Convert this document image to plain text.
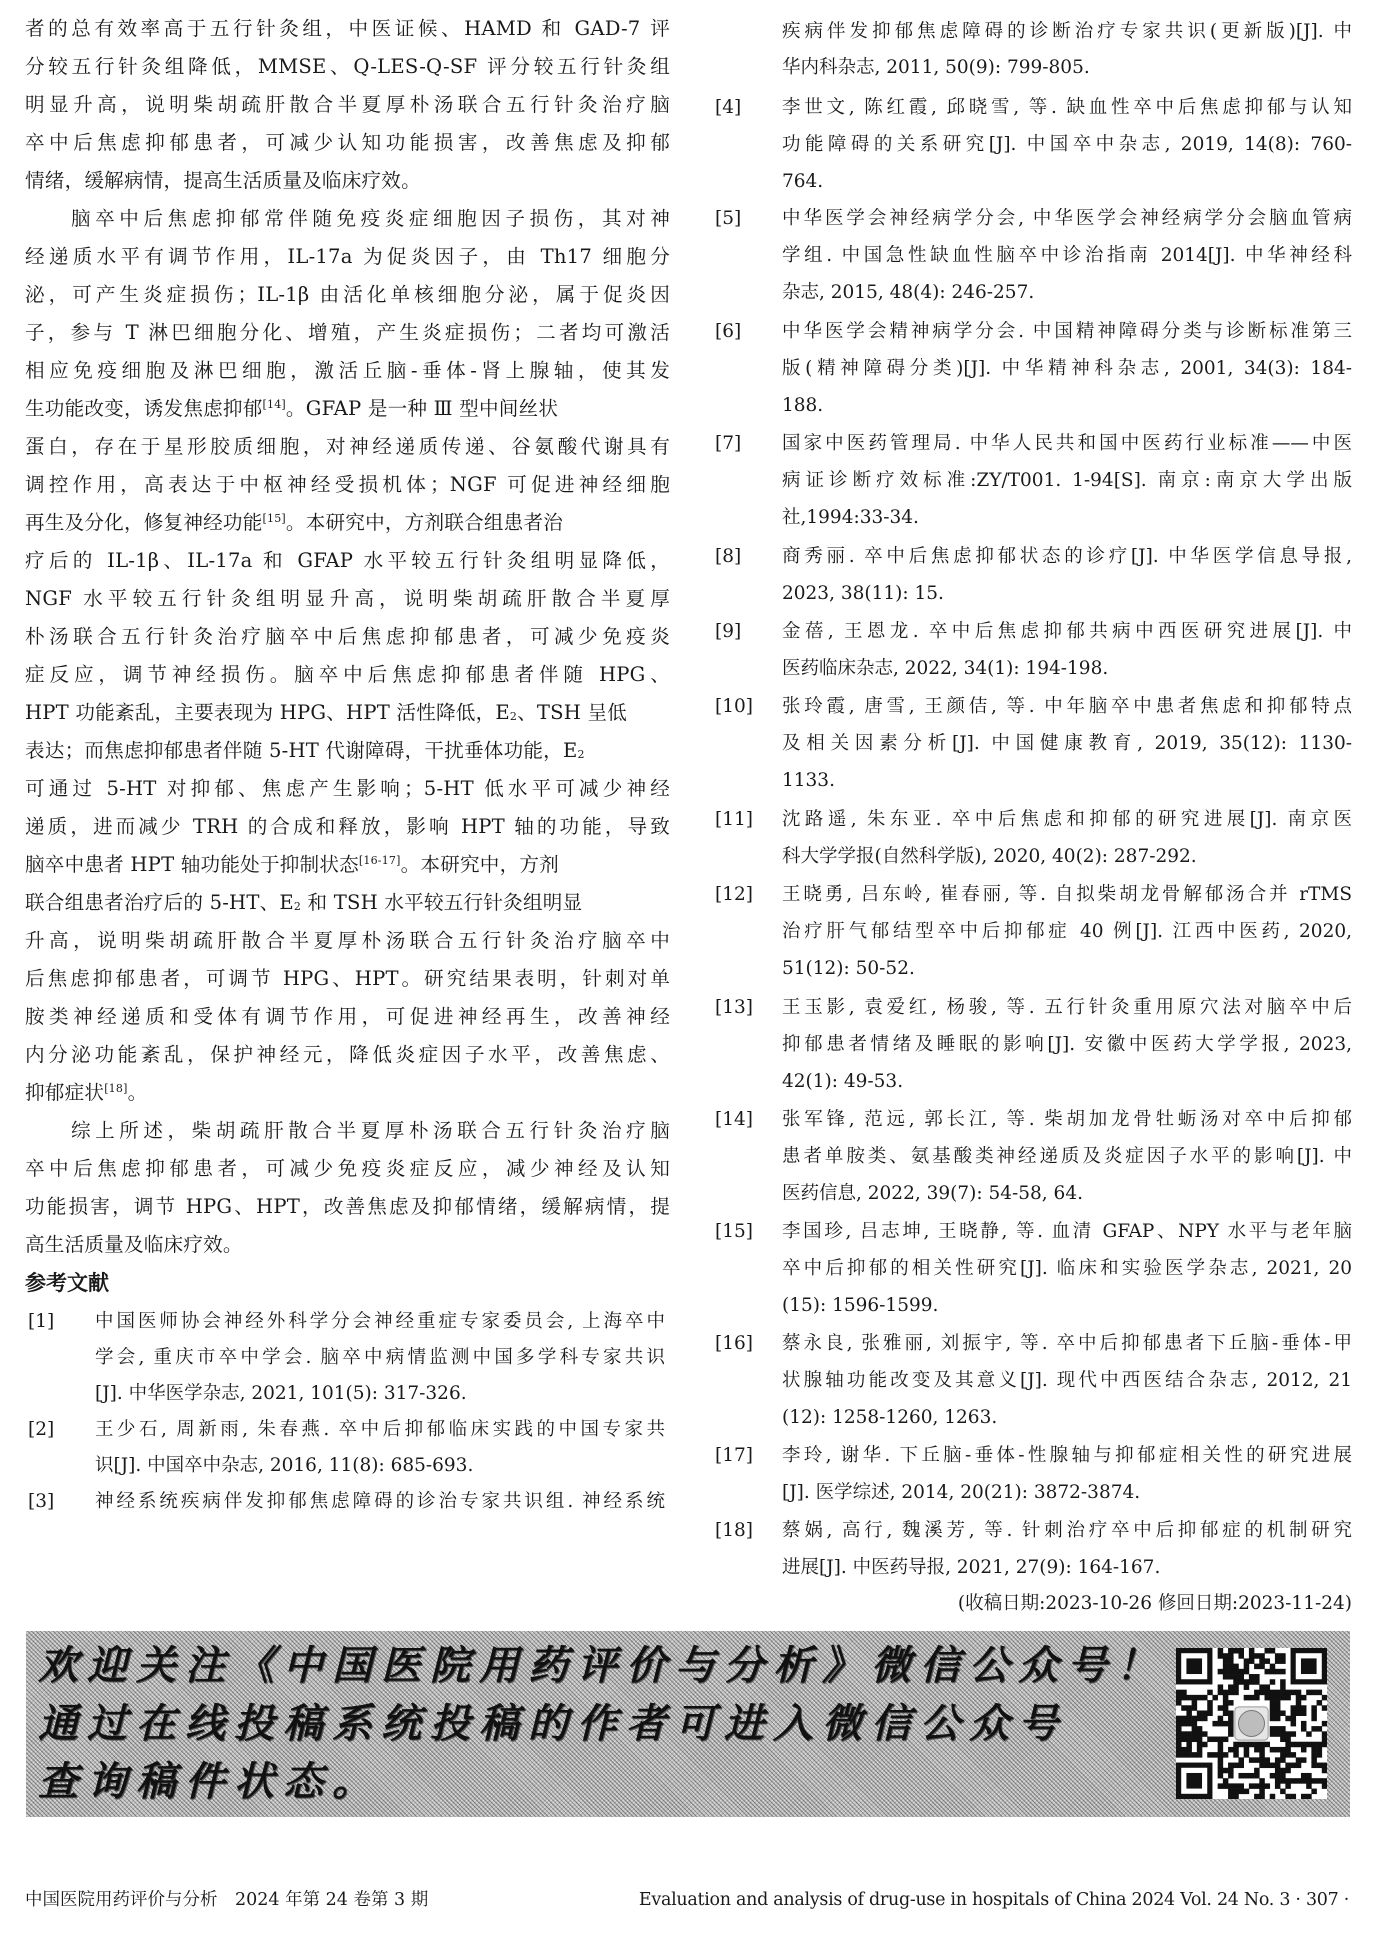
者的总有效率高于五行针灸组，中医证候、HAMD 和 GAD-7 评
分较五行针灸组降低，MMSE、Q-LES-Q-SF 评分较五行针灸组
明显升高，说明柴胡疏肝散合半夏厚朴汤联合五行针灸治疗脑
卒中后焦虑抑郁患者，可减少认知功能损害，改善焦虑及抑郁
情绪，缓解病情，提高生活质量及临床疗效。
脑卒中后焦虑抑郁常伴随免疫炎症细胞因子损伤，其对神
经递质水平有调节作用，IL-17a 为促炎因子，由 Th17 细胞分
泌，可产生炎症损伤；IL-1β 由活化单核细胞分泌，属于促炎因
子，参与 T 淋巴细胞分化、增殖，产生炎症损伤；二者均可激活
相应免疫细胞及淋巴细胞，激活丘脑-垂体-肾上腺轴，使其发
生功能改变，诱发焦虑抑郁[14]。GFAP 是一种 Ⅲ 型中间丝状
蛋白，存在于星形胶质细胞，对神经递质传递、谷氨酸代谢具有
调控作用，高表达于中枢神经受损机体；NGF 可促进神经细胞
再生及分化，修复神经功能[15]。本研究中，方剂联合组患者治
疗后的 IL-1β、IL-17a 和 GFAP 水平较五行针灸组明显降低，
NGF 水平较五行针灸组明显升高，说明柴胡疏肝散合半夏厚
朴汤联合五行针灸治疗脑卒中后焦虑抑郁患者，可减少免疫炎
症反应，调节神经损伤。脑卒中后焦虑抑郁患者伴随 HPG、
HPT 功能紊乱，主要表现为 HPG、HPT 活性降低，$E_2$、TSH 呈低
表达；而焦虑抑郁患者伴随 5-HT 代谢障碍，干扰垂体功能，$E_2$
可通过 5-HT 对抑郁、焦虑产生影响；5-HT 低水平可减少神经
递质，进而减少 TRH 的合成和释放，影响 HPT 轴的功能，导致
脑卒中患者 HPT 轴功能处于抑制状态[16-17]。本研究中，方剂
联合组患者治疗后的 5-HT、$E_2$ 和 TSH 水平较五行针灸组明显
升高，说明柴胡疏肝散合半夏厚朴汤联合五行针灸治疗脑卒中
后焦虑抑郁患者，可调节 HPG、HPT。研究结果表明，针刺对单
胺类神经递质和受体有调节作用，可促进神经再生，改善神经
内分泌功能紊乱，保护神经元，降低炎症因子水平，改善焦虑、
抑郁症状[18]。
综上所述，柴胡疏肝散合半夏厚朴汤联合五行针灸治疗脑
卒中后焦虑抑郁患者，可减少免疫炎症反应，减少神经及认知
功能损害，调节 HPG、HPT，改善焦虑及抑郁情绪，缓解病情，提
高生活质量及临床疗效。
参考文献
[1] 中国医师协会神经外科学分会神经重症专家委员会, 上海卒中
学会, 重庆市卒中学会. 脑卒中病情监测中国多学科专家共识
[J]. 中华医学杂志, 2021, 101(5): 317-326.
[2] 王少石, 周新雨, 朱春燕. 卒中后抑郁临床实践的中国专家共
识[J]. 中国卒中杂志, 2016, 11(8): 685-693.
[3] 神经系统疾病伴发抑郁焦虑障碍的诊治专家共识组. 神经系统
疾病伴发抑郁焦虑障碍的诊断治疗专家共识(更新版)[J]. 中
华内科杂志, 2011, 50(9): 799-805.
[4] 李世文, 陈红霞, 邱晓雪, 等. 缺血性卒中后焦虑抑郁与认知
功能障碍的关系研究[J]. 中国卒中杂志, 2019, 14(8): 760-
764.
[5] 中华医学会神经病学分会, 中华医学会神经病学分会脑血管病
学组. 中国急性缺血性脑卒中诊治指南 2014[J]. 中华神经科
杂志, 2015, 48(4): 246-257.
[6] 中华医学会精神病学分会. 中国精神障碍分类与诊断标准第三
版(精神障碍分类)[J]. 中华精神科杂志, 2001, 34(3): 184-
188.
[7] 国家中医药管理局. 中华人民共和国中医药行业标准——中医
病证诊断疗效标准:ZY/T001. 1-94[S]. 南京:南京大学出版
社,1994:33-34.
[8] 商秀丽. 卒中后焦虑抑郁状态的诊疗[J]. 中华医学信息导报,
2023, 38(11): 15.
[9] 金蓓, 王恩龙. 卒中后焦虑抑郁共病中西医研究进展[J]. 中
医药临床杂志, 2022, 34(1): 194-198.
[10] 张玲霞, 唐雪, 王颜佶, 等. 中年脑卒中患者焦虑和抑郁特点
及相关因素分析[J]. 中国健康教育, 2019, 35(12): 1130-
1133.
[11] 沈路遥, 朱东亚. 卒中后焦虑和抑郁的研究进展[J]. 南京医
科大学学报(自然科学版), 2020, 40(2): 287-292.
[12] 王晓勇, 吕东岭, 崔春丽, 等. 自拟柴胡龙骨解郁汤合并 rTMS
治疗肝气郁结型卒中后抑郁症 40 例[J]. 江西中医药, 2020,
51(12): 50-52.
[13] 王玉影, 袁爱红, 杨骏, 等. 五行针灸重用原穴法对脑卒中后
抑郁患者情绪及睡眠的影响[J]. 安徽中医药大学学报, 2023,
42(1): 49-53.
[14] 张军锋, 范远, 郭长江, 等. 柴胡加龙骨牡蛎汤对卒中后抑郁
患者单胺类、氨基酸类神经递质及炎症因子水平的影响[J]. 中
医药信息, 2022, 39(7): 54-58, 64.
[15] 李国珍, 吕志坤, 王晓静, 等. 血清 GFAP、NPY 水平与老年脑
卒中后抑郁的相关性研究[J]. 临床和实验医学杂志, 2021, 20
(15): 1596-1599.
[16] 蔡永良, 张雅丽, 刘振宇, 等. 卒中后抑郁患者下丘脑-垂体-甲
状腺轴功能改变及其意义[J]. 现代中西医结合杂志, 2012, 21
(12): 1258-1260, 1263.
[17] 李玲, 谢华. 下丘脑-垂体-性腺轴与抑郁症相关性的研究进展
[J]. 医学综述, 2014, 20(21): 3872-3874.
[18] 蔡娲, 高行, 魏溪芳, 等. 针刺治疗卒中后抑郁症的机制研究
进展[J]. 中医药导报, 2021, 27(9): 164-167.
(收稿日期:2023-10-26 修回日期:2023-11-24)
欢迎关注《中国医院用药评价与分析》微信公众号！
通过在线投稿系统投稿的作者可进入微信公众号
查询稿件状态。
中国医院用药评价与分析　2024 年第 24 卷第 3 期	Evaluation and analysis of drug-use in hospitals of China 2024 Vol. 24 No. 3 · 307 ·
